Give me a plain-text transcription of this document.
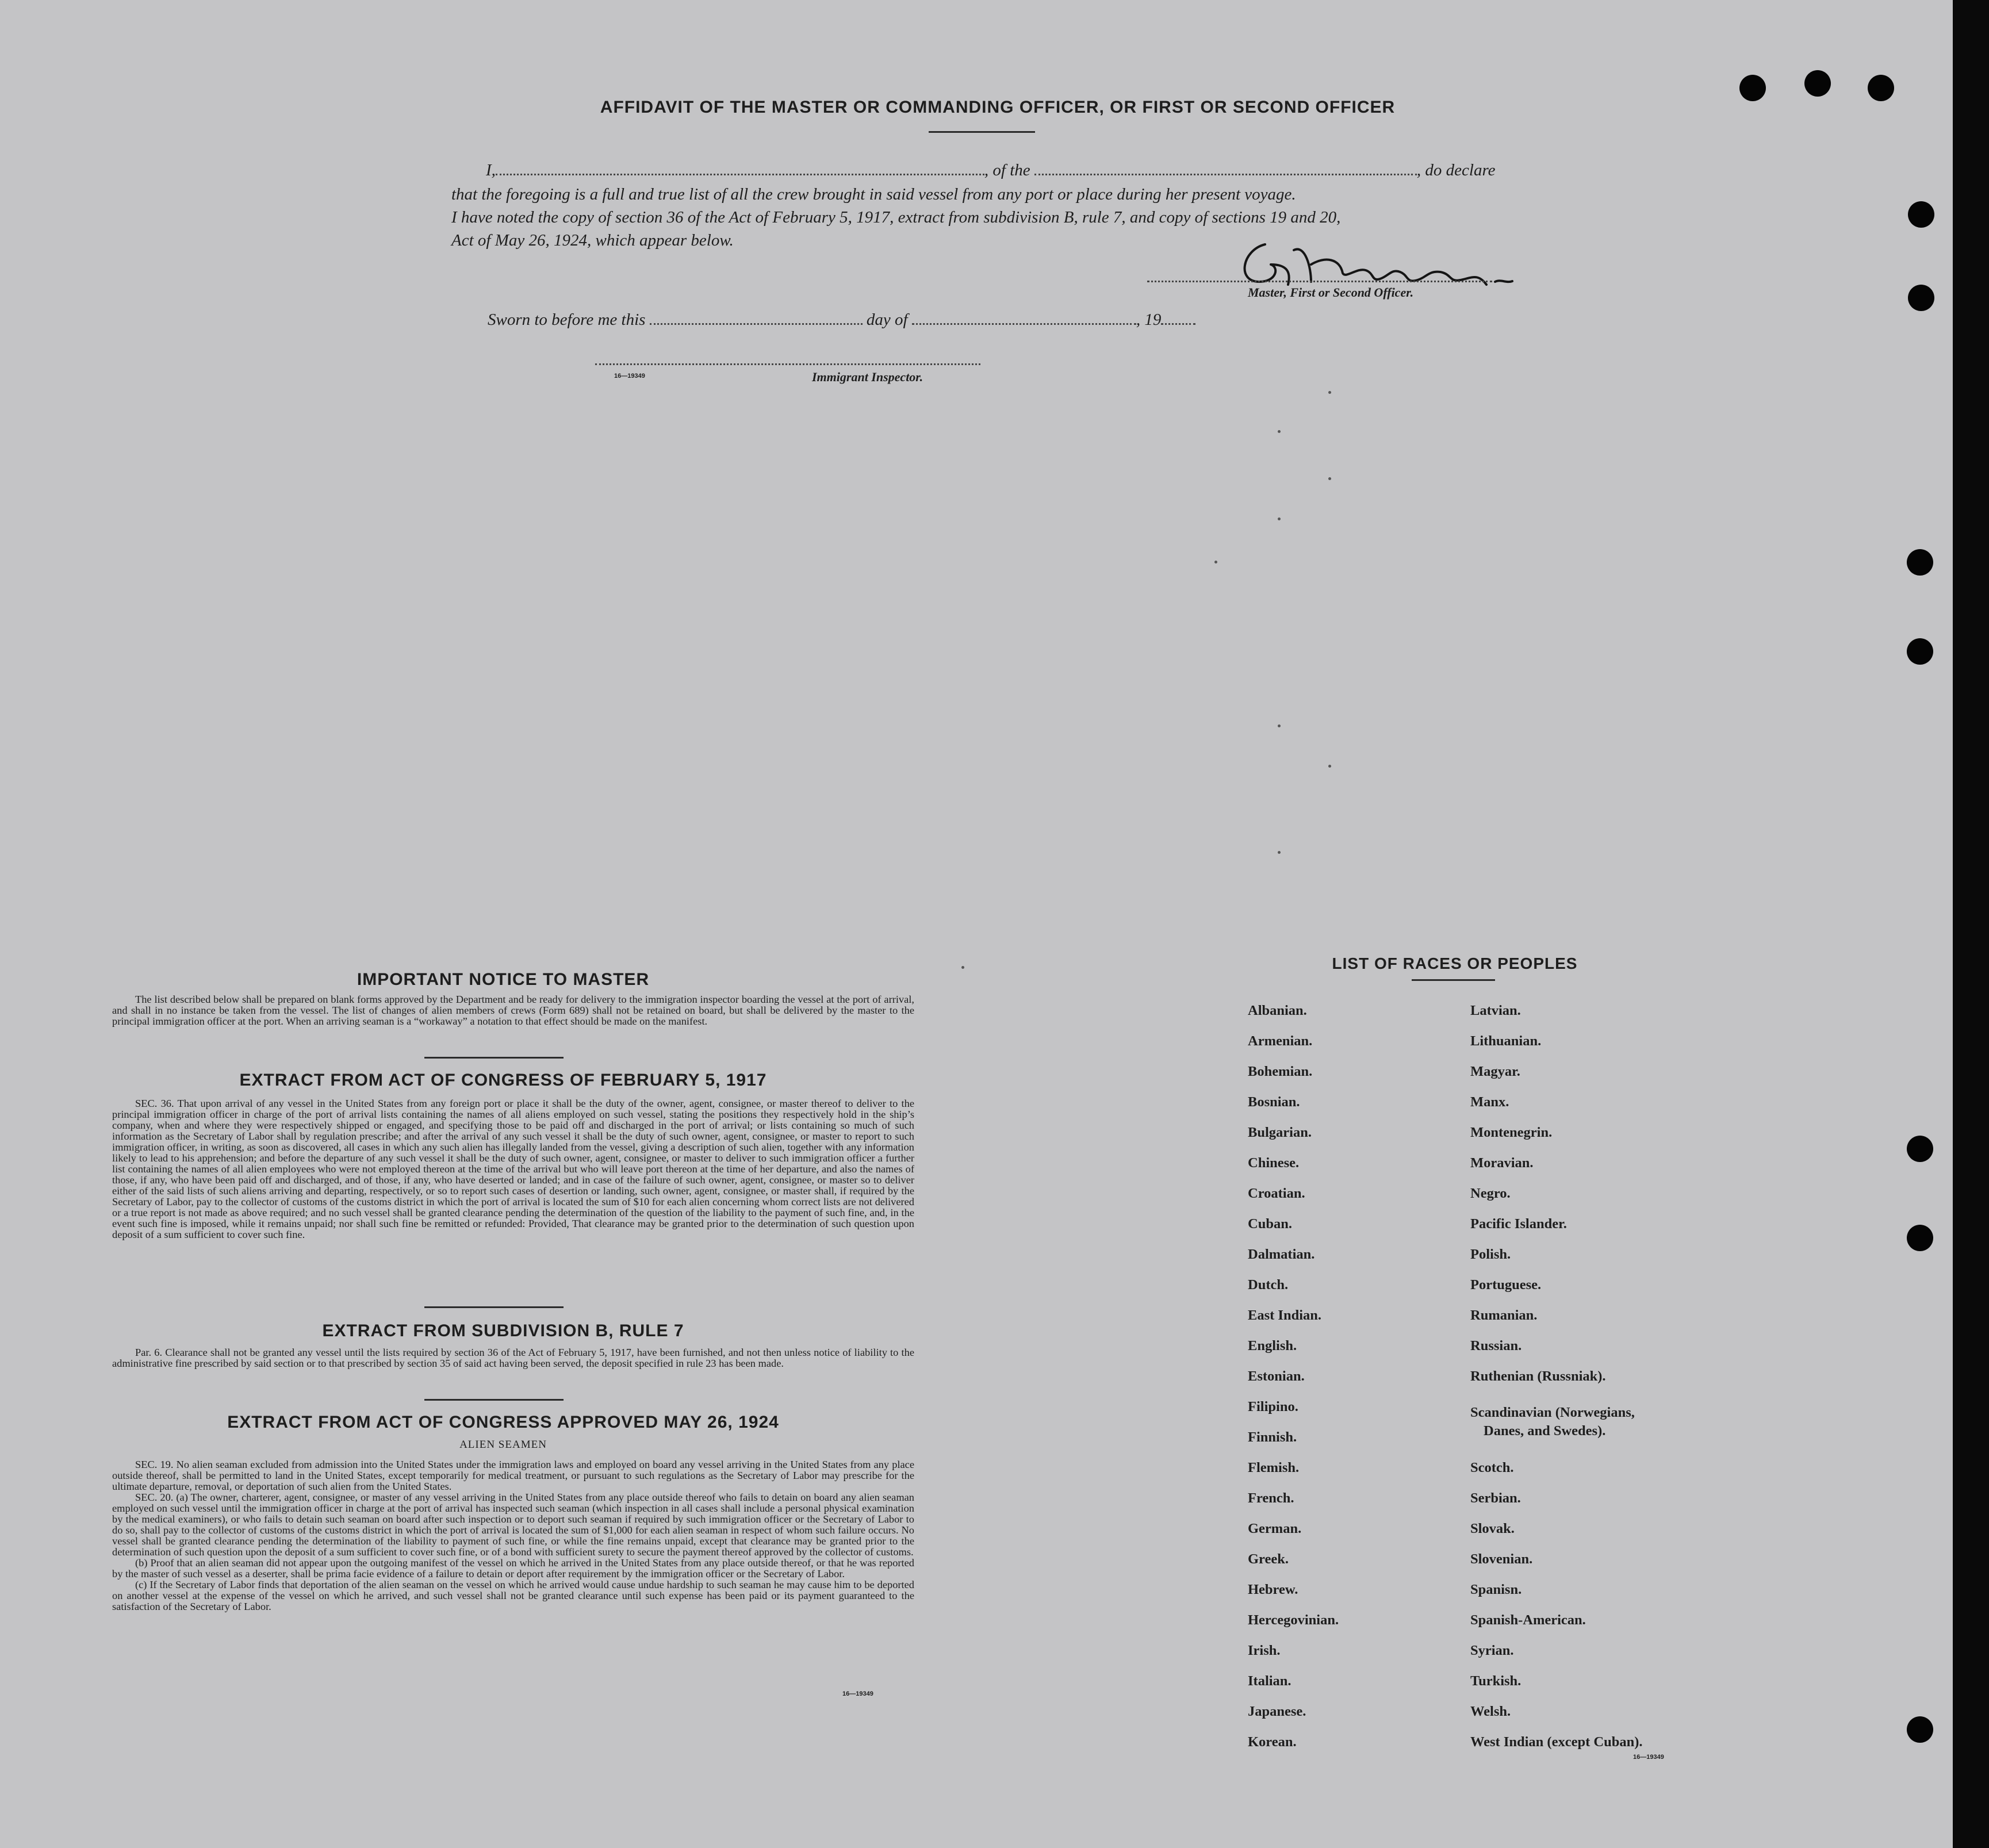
AFFIDAVIT OF THE MASTER OR COMMANDING OFFICER, OR FIRST OR SECOND OFFICER
I,	, of the	, do declare
that the foregoing is a full and true list of all the crew brought in said vessel from any port or place during her present voyage.
I have noted the copy of section 36 of the Act of February 5, 1917, extract from subdivision B, rule 7, and copy of sections 19 and 20,
Act of May 26, 1924, which appear below.
Master, First or Second Officer.
Sworn to before me this	day of	, 19
16—19349	Immigrant Inspector.
IMPORTANT NOTICE TO MASTER
The list described below shall be prepared on blank forms approved by the Department and be ready for delivery to the immigration inspector boarding the vessel at the port of arrival, and shall in no instance be taken from the vessel. The list of changes of alien members of crews (Form 689) shall not be retained on board, but shall be delivered by the master to the principal immigration officer at the port. When an arriving seaman is a “workaway” a notation to that effect should be made on the manifest.
EXTRACT FROM ACT OF CONGRESS OF FEBRUARY 5, 1917
SEC. 36. That upon arrival of any vessel in the United States from any foreign port or place it shall be the duty of the owner, agent, consignee, or master thereof to deliver to the principal immigration officer in charge of the port of arrival lists containing the names of all aliens employed on such vessel, stating the positions they respectively hold in the ship’s company, when and where they were respectively shipped or engaged, and specifying those to be paid off and discharged in the port of arrival; or lists containing so much of such information as the Secretary of Labor shall by regulation prescribe; and after the arrival of any such vessel it shall be the duty of such owner, agent, consignee, or master to report to such immigration officer, in writing, as soon as discovered, all cases in which any such alien has illegally landed from the vessel, giving a description of such alien, together with any information likely to lead to his apprehension; and before the departure of any such vessel it shall be the duty of such owner, agent, consignee, or master to deliver to such immigration officer a further list containing the names of all alien employees who were not employed thereon at the time of the arrival but who will leave port thereon at the time of her departure, and also the names of those, if any, who have been paid off and discharged, and of those, if any, who have deserted or landed; and in case of the failure of such owner, agent, consignee, or master so to deliver either of the said lists of such aliens arriving and departing, respectively, or so to report such cases of desertion or landing, such owner, agent, consignee, or master shall, if required by the Secretary of Labor, pay to the collector of customs of the customs district in which the port of arrival is located the sum of $10 for each alien concerning whom correct lists are not delivered or a true report is not made as above required; and no such vessel shall be granted clearance pending the determination of the question of the liability to the payment of such fine, and, in the event such fine is imposed, while it remains unpaid; nor shall such fine be remitted or refunded: Provided, That clearance may be granted prior to the determination of such question upon deposit of a sum sufficient to cover such fine.
EXTRACT FROM SUBDIVISION B, RULE 7
Par. 6. Clearance shall not be granted any vessel until the lists required by section 36 of the Act of February 5, 1917, have been furnished, and not then unless notice of liability to the administrative fine prescribed by said section or to that prescribed by section 35 of said act having been served, the deposit specified in rule 23 has been made.
EXTRACT FROM ACT OF CONGRESS APPROVED MAY 26, 1924
ALIEN SEAMEN

SEC. 19. No alien seaman excluded from admission into the United States under the immigration laws and employed on board any vessel arriving in the United States from any place outside thereof, shall be permitted to land in the United States, except temporarily for medical treatment, or pursuant to such regulations as the Secretary of Labor may prescribe for the ultimate departure, removal, or deportation of such alien from the United States.

SEC. 20. (a) The owner, charterer, agent, consignee, or master of any vessel arriving in the United States from any place outside thereof who fails to detain on board any alien seaman employed on such vessel until the immigration officer in charge at the port of arrival has inspected such seaman (which inspection in all cases shall include a personal physical examination by the medical examiners), or who fails to detain such seaman on board after such inspection or to deport such seaman if required by such immigration officer or the Secretary of Labor to do so, shall pay to the collector of customs of the customs district in which the port of arrival is located the sum of $1,000 for each alien seaman in respect of whom such failure occurs. No vessel shall be granted clearance pending the determination of the liability to payment of such fine, or while the fine remains unpaid, except that clearance may be granted prior to the determination of such question upon the deposit of a sum sufficient to cover such fine, or of a bond with sufficient surety to secure the payment thereof approved by the collector of customs.

(b) Proof that an alien seaman did not appear upon the outgoing manifest of the vessel on which he arrived in the United States from any place outside thereof, or that he was reported by the master of such vessel as a deserter, shall be prima facie evidence of a failure to detain or deport after requirement by the immigration officer or the Secretary of Labor.

(c) If the Secretary of Labor finds that deportation of the alien seaman on the vessel on which he arrived would cause undue hardship to such seaman he may cause him to be deported on another vessel at the expense of the vessel on which he arrived, and such vessel shall not be granted clearance until such expense has been paid or its payment guaranteed to the satisfaction of the Secretary of Labor.

16—19349
LIST OF RACES OR PEOPLES
Albanian.
Armenian.
Bohemian.
Bosnian.
Bulgarian.
Chinese.
Croatian.
Cuban.
Dalmatian.
Dutch.
East Indian.
English.
Estonian.
Filipino.
Finnish.
Flemish.
French.
German.
Greek.
Hebrew.
Hercegovinian.
Irish.
Italian.
Japanese.
Korean.
Latvian.
Lithuanian.
Magyar.
Manx.
Montenegrin.
Moravian.
Negro.
Pacific Islander.
Polish.
Portuguese.
Rumanian.
Russian.
Ruthenian (Russniak).
Scandinavian (Norwegians,
Danes, and Swedes).
Scotch.
Serbian.
Slovak.
Slovenian.
Spanisn.
Spanish-American.
Syrian.
Turkish.
Welsh.
West Indian (except Cuban).
16—19349
